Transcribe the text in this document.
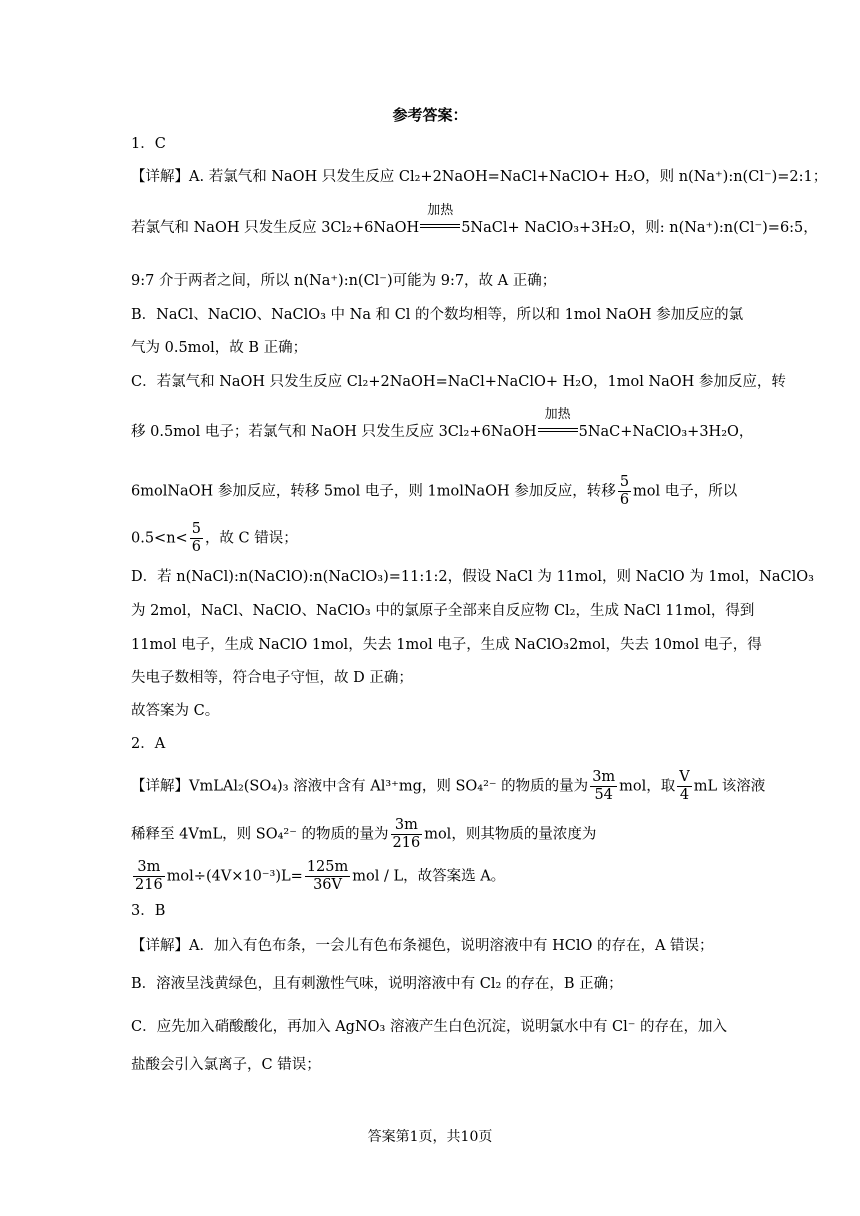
参考答案：
1．C
【详解】A. 若氯气和 NaOH 只发生反应 Cl₂+2NaOH=NaCl+NaClO+ H₂O，则 n(Na⁺):n(Cl⁻)=2:1；
若氯气和 NaOH 只发生反应 3Cl₂+6NaOH
加热
5NaCl+ NaClO₃+3H₂O，则: n(Na⁺):n(Cl⁻)=6:5，
9:7 介于两者之间，所以 n(Na⁺):n(Cl⁻)可能为 9:7，故 A 正确；
B．NaCl、NaClO、NaClO₃ 中 Na 和 Cl 的个数均相等，所以和 1mol NaOH 参加反应的氯
气为 0.5mol，故 B 正确；
C．若氯气和 NaOH 只发生反应 Cl₂+2NaOH=NaCl+NaClO+ H₂O，1mol NaOH 参加反应，转
移 0.5mol 电子；若氯气和 NaOH 只发生反应 3Cl₂+6NaOH
加热
5NaC+NaClO₃+3H₂O，
6molNaOH 参加反应，转移 5mol 电子，则 1molNaOH 参加反应，转移 $\frac{5}{6}$ mol 电子，所以
$0.5<n< \frac{5}{6}$ ，故 C 错误；
D．若 n(NaCl):n(NaClO):n(NaClO₃)=11:1:2，假设 NaCl 为 11mol，则 NaClO 为 1mol，NaClO₃
为 2mol，NaCl、NaClO、NaClO₃ 中的氯原子全部来自反应物 Cl₂，生成 NaCl 11mol，得到
11mol 电子，生成 NaClO 1mol，失去 1mol 电子，生成 NaClO₃2mol，失去 10mol 电子，得
失电子数相等，符合电子守恒，故 D 正确；
故答案为 C。
2．A
【详解】VmLAl₂(SO₄)₃ 溶液中含有 Al³⁺mg，则 SO₄²⁻ 的物质的量为 $\frac{3m}{54}$ mol，取 $\frac{V}{4}$ mL 该溶液
稀释至 4VmL，则 SO₄²⁻ 的物质的量为 $\frac{3m}{216}$ mol，则其物质的量浓度为
$\frac{3m}{216} mol\div(4V\times 10^{-3})L= \frac{125m}{36V}$ mol / L，故答案选 A。
3．B
【详解】A．加入有色布条，一会儿有色布条褪色，说明溶液中有 HClO 的存在，A 错误；
B．溶液呈浅黄绿色，且有刺激性气味，说明溶液中有 Cl₂ 的存在，B 正确；
C．应先加入硝酸酸化，再加入 AgNO₃ 溶液产生白色沉淀，说明氯水中有 Cl⁻ 的存在，加入
盐酸会引入氯离子，C 错误；
答案第1页，共10页
